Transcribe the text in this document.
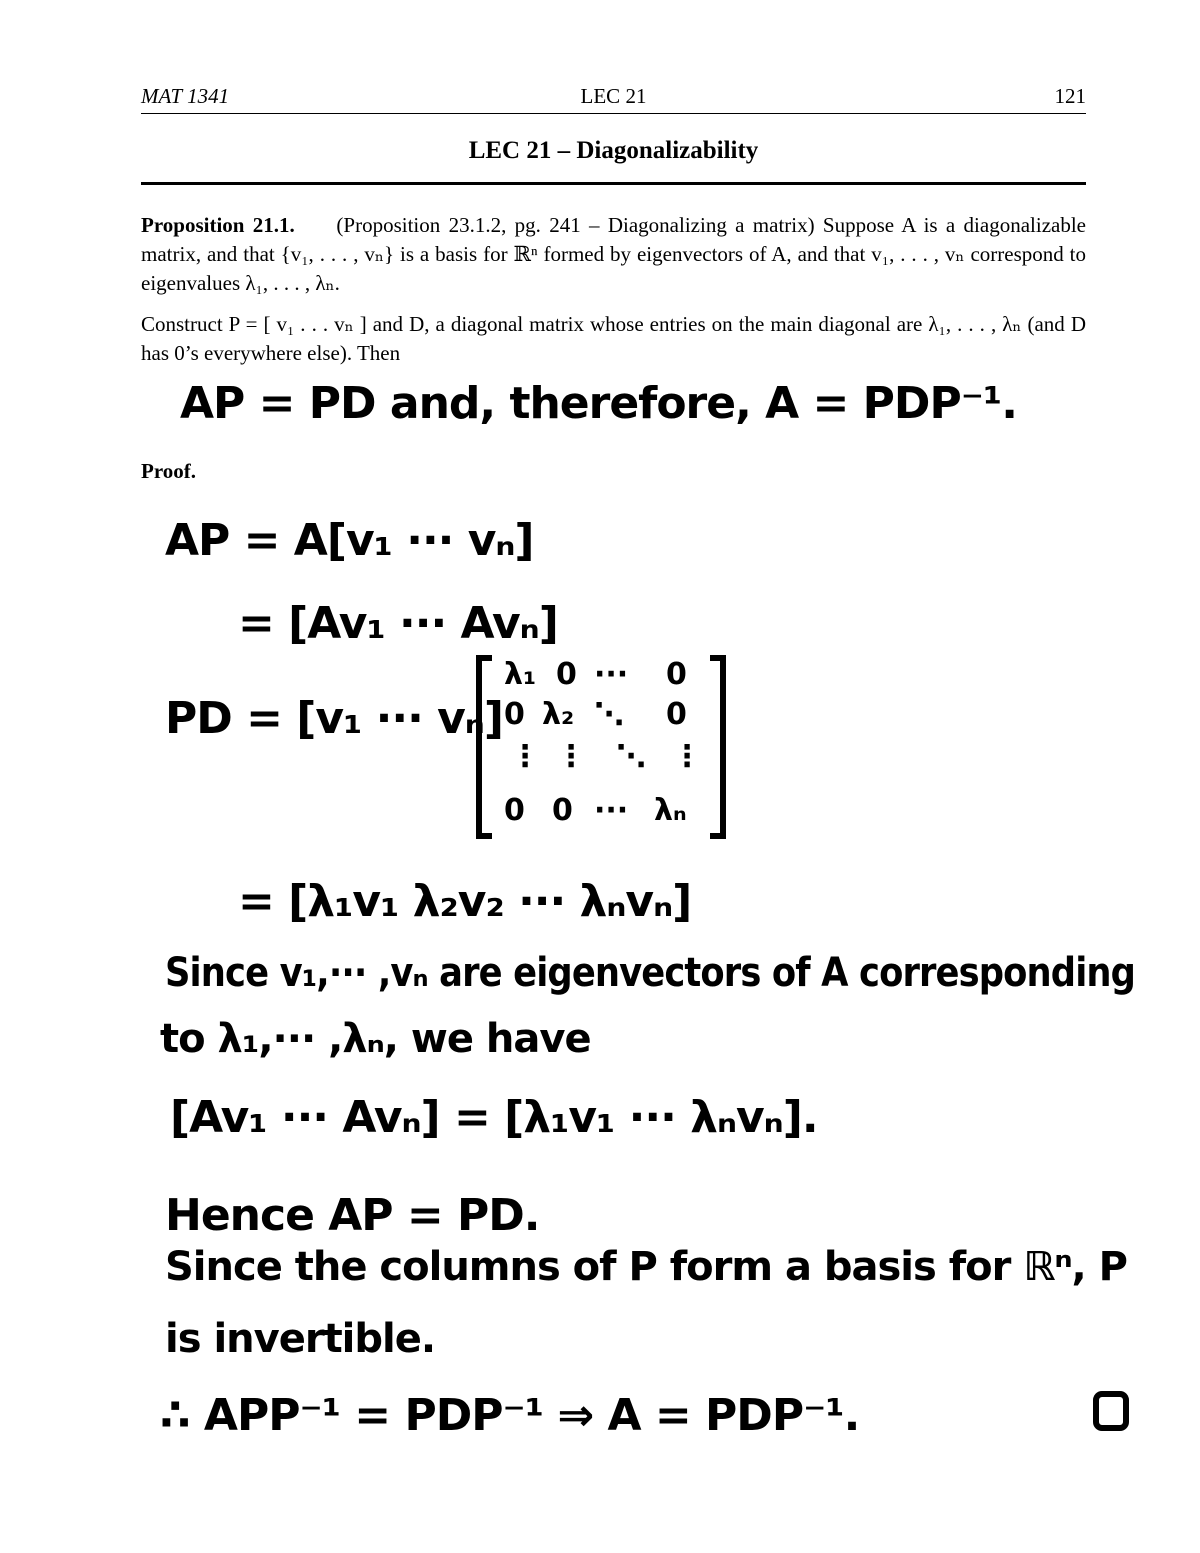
MAT 1341	LEC 21	121
LEC 21 – Diagonalizability
Proposition 21.1. (Proposition 23.1.2, pg. 241 – Diagonalizing a matrix) Suppose A is a diagonalizable matrix, and that {v₁, . . . , vₙ} is a basis for ℝⁿ formed by eigenvectors of A, and that v₁, . . . , vₙ correspond to eigenvalues λ₁, . . . , λₙ.
Construct P = [ v₁ . . . vₙ ] and D, a diagonal matrix whose entries on the main diagonal are λ₁, . . . , λₙ (and D has 0’s everywhere else). Then
AP = PD and, therefore, A = PDP⁻¹.
Proof.
AP = A[v₁ ··· vₙ]
= [Av₁ ··· Avₙ]
PD = [v₁ ··· vₙ]
λ₁ 0 ··· 0
0 λ₂ ⋱ 0
⋮ ⋮ ⋱ ⋮
0 0 ··· λₙ
= [λ₁v₁ λ₂v₂ ··· λₙvₙ]
Since v₁,··· ,vₙ are eigenvectors of A corresponding
to λ₁,··· ,λₙ, we have
[Av₁ ··· Avₙ] = [λ₁v₁ ··· λₙvₙ].
Hence AP = PD.
Since the columns of P form a basis for ℝⁿ, P
is invertible.
∴ APP⁻¹ = PDP⁻¹ ⇒ A = PDP⁻¹.
